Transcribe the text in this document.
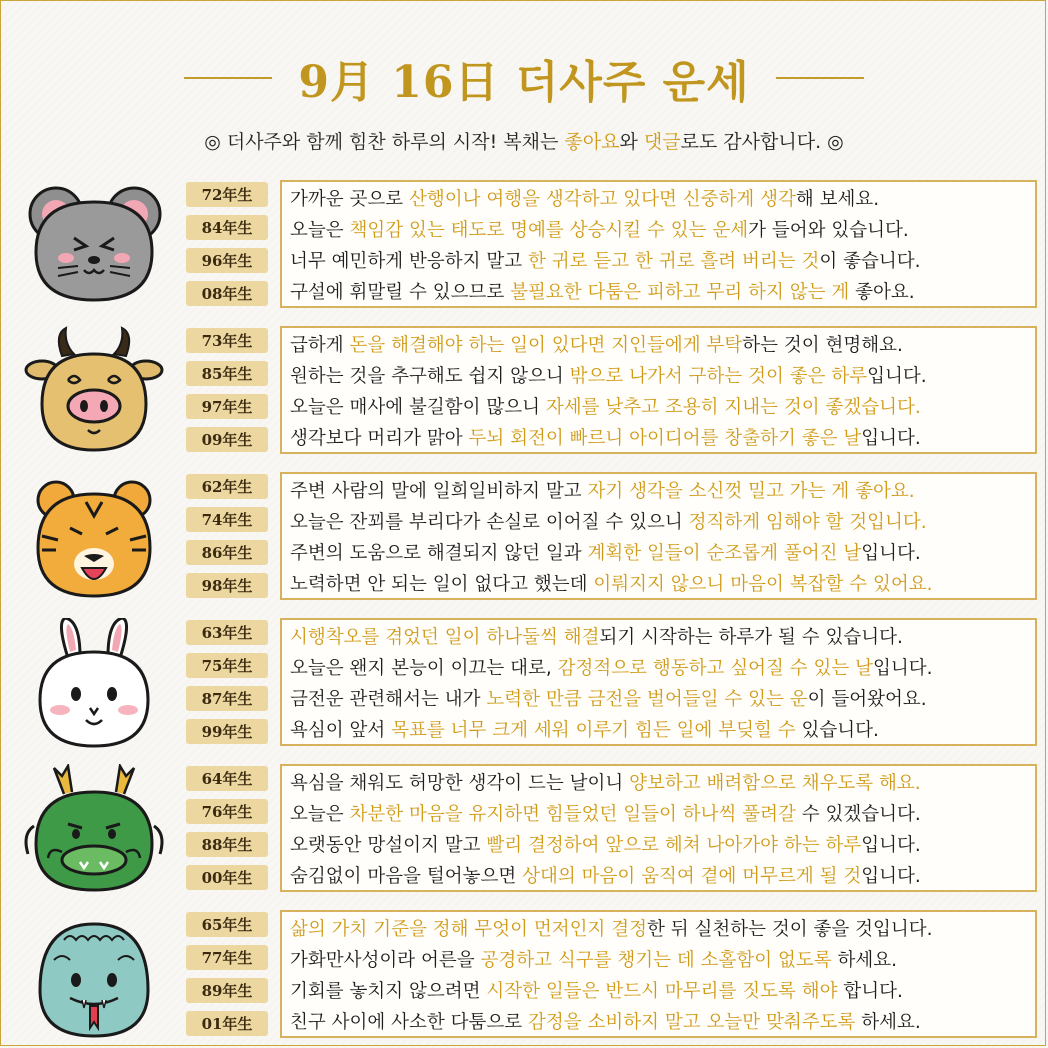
9月 16日 더사주 운세
◎ 더사주와 함께 힘찬 하루의 시작! 복채는 좋아요와 댓글로도 감사합니다. ◎
72年生
84年生
96年生
08年生
가까운 곳으로 산행이나 여행을 생각하고 있다면 신중하게 생각해 보세요.
오늘은 책임감 있는 태도로 명예를 상승시킬 수 있는 운세가 들어와 있습니다.
너무 예민하게 반응하지 말고 한 귀로 듣고 한 귀로 흘려 버리는 것이 좋습니다.
구설에 휘말릴 수 있으므로 불필요한 다툼은 피하고 무리 하지 않는 게 좋아요.
73年生
85年生
97年生
09年生
급하게 돈을 해결해야 하는 일이 있다면 지인들에게 부탁하는 것이 현명해요.
원하는 것을 추구해도 쉽지 않으니 밖으로 나가서 구하는 것이 좋은 하루입니다.
오늘은 매사에 불길함이 많으니 자세를 낮추고 조용히 지내는 것이 좋겠습니다.
생각보다 머리가 맑아 두뇌 회전이 빠르니 아이디어를 창출하기 좋은 날입니다.
62年生
74年生
86年生
98年生
주변 사람의 말에 일희일비하지 말고 자기 생각을 소신껏 밀고 가는 게 좋아요.
오늘은 잔꾀를 부리다가 손실로 이어질 수 있으니 정직하게 임해야 할 것입니다.
주변의 도움으로 해결되지 않던 일과 계획한 일들이 순조롭게 풀어진 날입니다.
노력하면 안 되는 일이 없다고 했는데 이뤄지지 않으니 마음이 복잡할 수 있어요.
63年生
75年生
87年生
99年生
시행착오를 겪었던 일이 하나둘씩 해결되기 시작하는 하루가 될 수 있습니다.
오늘은 왠지 본능이 이끄는 대로, 감정적으로 행동하고 싶어질 수 있는 날입니다.
금전운 관련해서는 내가 노력한 만큼 금전을 벌어들일 수 있는 운이 들어왔어요.
욕심이 앞서 목표를 너무 크게 세워 이루기 힘든 일에 부딪힐 수 있습니다.
64年生
76年生
88年生
00年生
욕심을 채워도 허망한 생각이 드는 날이니 양보하고 배려함으로 채우도록 해요.
오늘은 차분한 마음을 유지하면 힘들었던 일들이 하나씩 풀려갈 수 있겠습니다.
오랫동안 망설이지 말고 빨리 결정하여 앞으로 헤쳐 나아가야 하는 하루입니다.
숨김없이 마음을 털어놓으면 상대의 마음이 움직여 곁에 머무르게 될 것입니다.
65年生
77年生
89年生
01年生
삶의 가치 기준을 정해 무엇이 먼저인지 결정한 뒤 실천하는 것이 좋을 것입니다.
가화만사성이라 어른을 공경하고 식구를 챙기는 데 소홀함이 없도록 하세요.
기회를 놓치지 않으려면 시작한 일들은 반드시 마무리를 짓도록 해야 합니다.
친구 사이에 사소한 다툼으로 감정을 소비하지 말고 오늘만 맞춰주도록 하세요.
